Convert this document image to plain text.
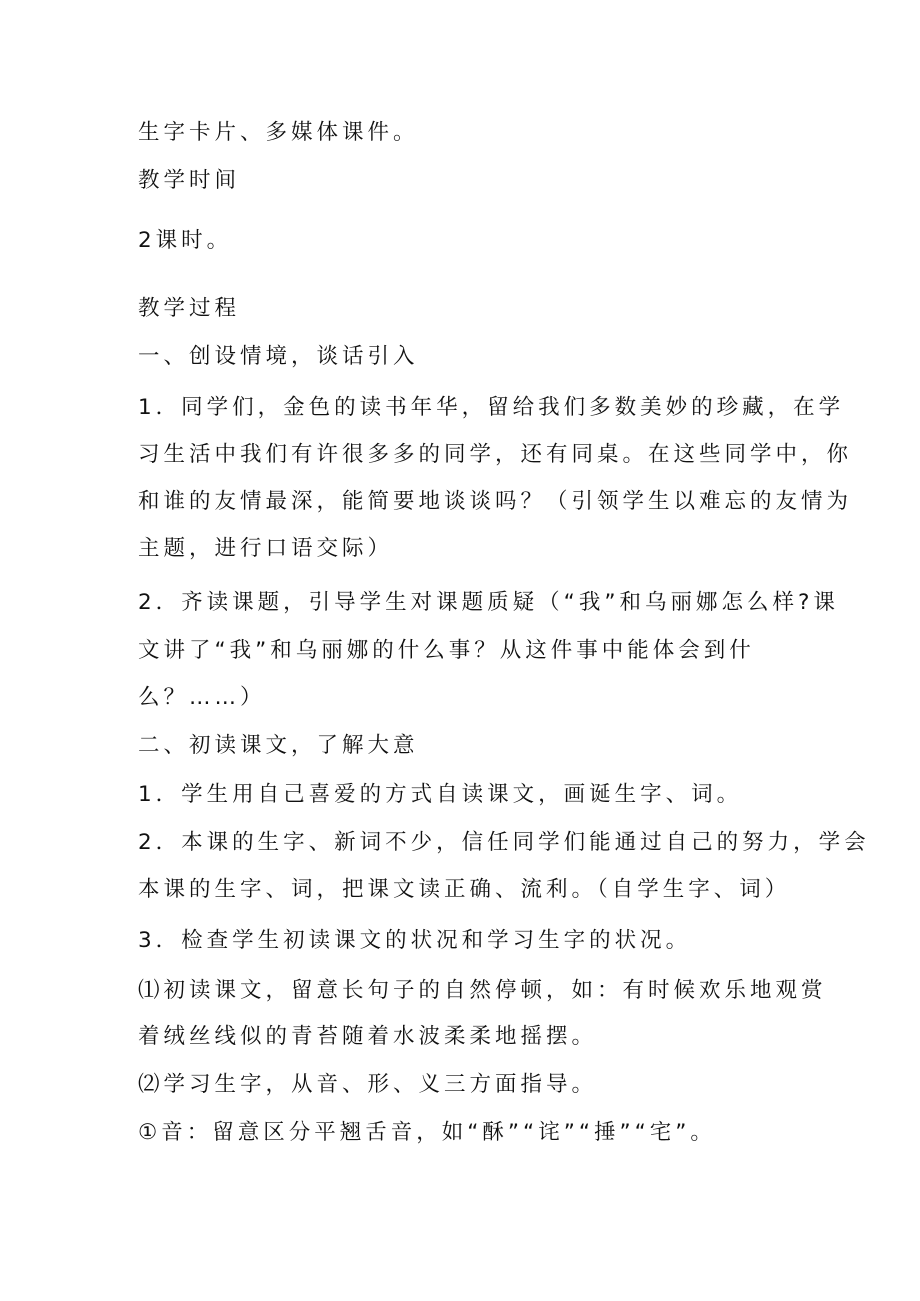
生字卡片、多媒体课件。

教学时间

2课时。

教学过程

一、创设情境，谈话引入

1．同学们，金色的读书年华，留给我们多数美妙的珍藏，在学

习生活中我们有许很多多的同学，还有同桌。在这些同学中，你

和谁的友情最深，能简要地谈谈吗？（引领学生以难忘的友情为

主题，进行口语交际）

2．齐读课题，引导学生对课题质疑（“我”和乌丽娜怎么样?课

文讲了“我”和乌丽娜的什么事？从这件事中能体会到什

么？……）

二、初读课文，了解大意

1．学生用自己喜爱的方式自读课文，画诞生字、词。

2．本课的生字、新词不少，信任同学们能通过自己的努力，学会

本课的生字、词，把课文读正确、流利。（自学生字、词）

3．检查学生初读课文的状况和学习生字的状况。

⑴初读课文，留意长句子的自然停顿，如：有时候欢乐地观赏

着绒丝线似的青苔随着水波柔柔地摇摆。

⑵学习生字，从音、形、义三方面指导。

①音：留意区分平翘舌音，如“酥”“诧”“捶”“宅”。
